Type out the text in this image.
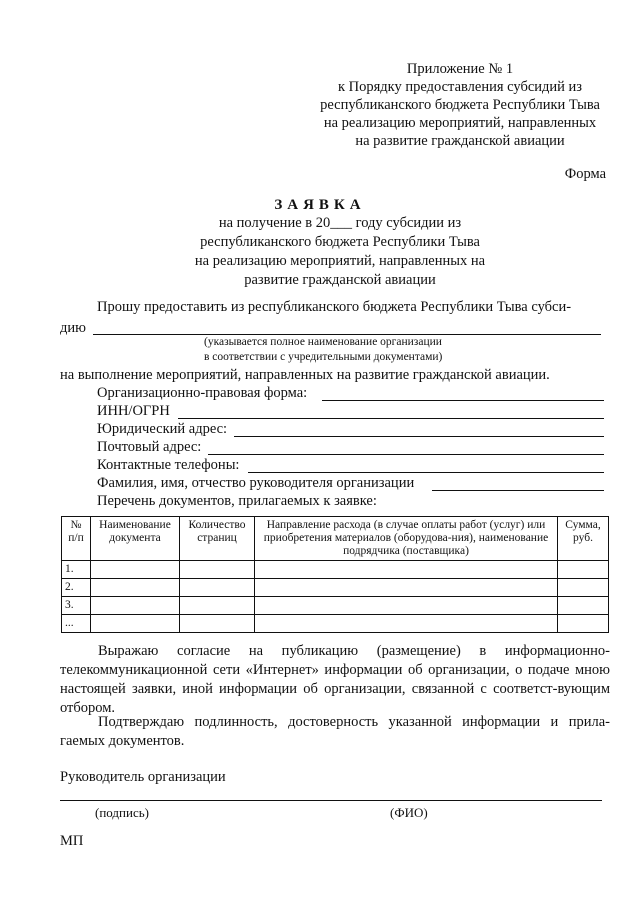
Приложение № 1
к Порядку предоставления субсидий из
республиканского бюджета Республики Тыва
на реализацию мероприятий, направленных
на развитие гражданской авиации
Форма
ЗАЯВКА
на получение в 20___ году субсидии из
республиканского бюджета Республики Тыва
на реализацию мероприятий, направленных на
развитие гражданской авиации
Прошу предоставить из республиканского бюджета Республики Тыва субси-
дию
(указывается полное наименование организации
в соответствии с учредительными документами)
на выполнение мероприятий, направленных на развитие гражданской авиации.
Организационно-правовая форма:
ИНН/ОГРН
Юридический адрес:
Почтовый адрес:
Контактные телефоны:
Фамилия, имя, отчество руководителя организации
Перечень документов, прилагаемых к заявке:
№ п/п	Наименование документа	Количество страниц	Направление расхода (в случае оплаты работ (услуг) или приобретения материалов (оборудова-ния), наименование подрядчика (поставщика)	Сумма, руб.
1.				
2.				
3.				
...				
Выражаю согласие на публикацию (размещение) в информационно-телекоммуникационной сети «Интернет» информации об организации, о подаче мною настоящей заявки, иной информации об организации, связанной с соответст-вующим отбором.
Подтверждаю подлинность, достоверность указанной информации и прила-гаемых документов.
Руководитель организации
(подпись)	(ФИО)
МП
